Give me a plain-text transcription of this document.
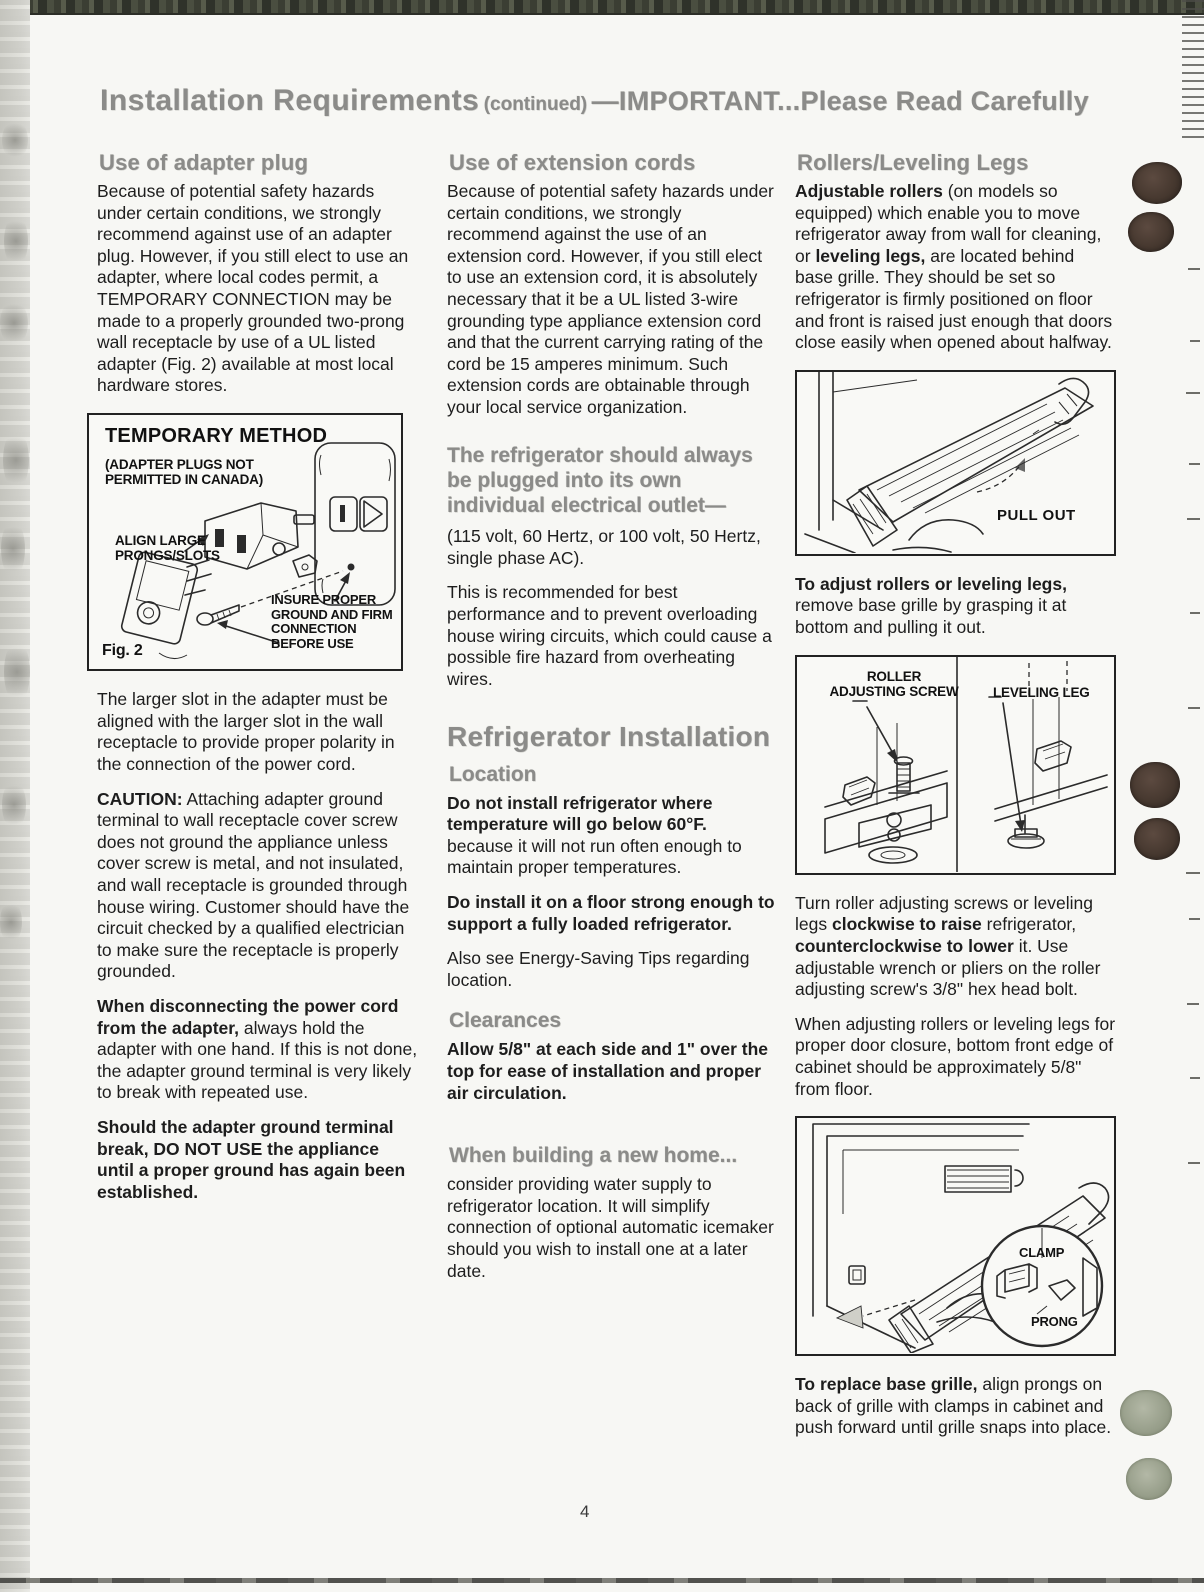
Installation Requirements (continued) —IMPORTANT...Please Read Carefully
Use of adapter plug

Because of potential safety hazards under certain conditions, we strongly recommend against use of an adapter plug. However, if you still elect to use an adapter, where local codes permit, a TEMPORARY CONNECTION may be made to a properly grounded two-prong wall receptacle by use of a UL listed adapter (Fig. 2) available at most local hardware stores.

TEMPORARY METHOD
(ADAPTER PLUGS NOT PERMITTED IN CANADA)
ALIGN LARGE PRONGS/SLOTS
INSURE PROPER GROUND AND FIRM CONNECTION BEFORE USE
Fig. 2

The larger slot in the adapter must be aligned with the larger slot in the wall receptacle to provide proper polarity in the connection of the power cord.

CAUTION: Attaching adapter ground terminal to wall receptacle cover screw does not ground the appliance unless cover screw is metal, and not insulated, and wall receptacle is grounded through house wiring. Customer should have the circuit checked by a qualified electrician to make sure the receptacle is properly grounded.

When disconnecting the power cord from the adapter, always hold the adapter with one hand. If this is not done, the adapter ground terminal is very likely to break with repeated use.

Should the adapter ground terminal break, DO NOT USE the appliance until a proper ground has again been established.

Use of extension cords

Because of potential safety hazards under certain conditions, we strongly recommend against the use of an extension cord. However, if you still elect to use an extension cord, it is absolutely necessary that it be a UL listed 3-wire grounding type appliance extension cord and that the current carrying rating of the cord be 15 amperes minimum. Such extension cords are obtainable through your local service organization.

The refrigerator should always be plugged into its own individual electrical outlet—

(115 volt, 60 Hertz, or 100 volt, 50 Hertz, single phase AC).

This is recommended for best performance and to prevent overloading house wiring circuits, which could cause a possible fire hazard from overheating wires.

Refrigerator Installation
Location

Do not install refrigerator where temperature will go below 60°F. because it will not run often enough to maintain proper temperatures.

Do install it on a floor strong enough to support a fully loaded refrigerator.

Also see Energy-Saving Tips regarding location.

Clearances

Allow 5/8" at each side and 1" over the top for ease of installation and proper air circulation.

When building a new home...

consider providing water supply to refrigerator location. It will simplify connection of optional automatic icemaker should you wish to install one at a later date.

Rollers/Leveling Legs

Adjustable rollers (on models so equipped) which enable you to move refrigerator away from wall for cleaning, or leveling legs, are located behind base grille. They should be set so refrigerator is firmly positioned on floor and front is raised just enough that doors close easily when opened about halfway.

PULL OUT

To adjust rollers or leveling legs, remove base grille by grasping it at bottom and pulling it out.

ROLLER ADJUSTING SCREW	LEVELING LEG

Turn roller adjusting screws or leveling legs clockwise to raise refrigerator, counterclockwise to lower it. Use adjustable wrench or pliers on the roller adjusting screw's 3/8" hex head bolt.

When adjusting rollers or leveling legs for proper door closure, bottom front edge of cabinet should be approximately 5/8" from floor.

CLAMP
PRONG

To replace base grille, align prongs on back of grille with clamps in cabinet and push forward until grille snaps into place.

4
